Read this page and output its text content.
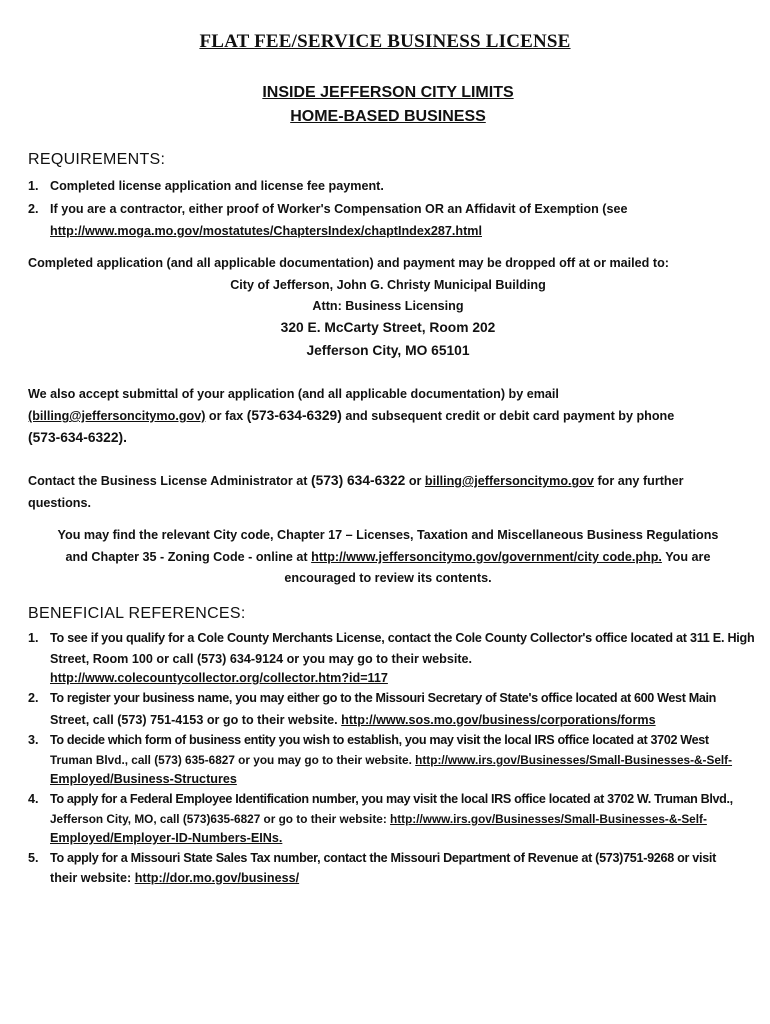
FLAT FEE/SERVICE BUSINESS LICENSE
INSIDE JEFFERSON CITY LIMITS
HOME-BASED BUSINESS
REQUIREMENTS:
1. Completed license application and license fee payment.
2. If you are a contractor, either proof of Worker's Compensation OR an Affidavit of Exemption (see
http://www.moga.mo.gov/mostatutes/ChaptersIndex/chaptIndex287.html
Completed application (and all applicable documentation) and payment may be dropped off at or mailed to:
City of Jefferson, John G. Christy Municipal Building
Attn: Business Licensing
320 E. McCarty Street, Room 202
Jefferson City, MO 65101
We also accept submittal of your application (and all applicable documentation) by email
(billing@jeffersoncitymo.gov) or fax (573-634-6329) and subsequent credit or debit card payment by phone
(573-634-6322).
Contact the Business License Administrator at (573) 634-6322 or billing@jeffersoncitymo.gov for any further
questions.
You may find the relevant City code, Chapter 17 – Licenses, Taxation and Miscellaneous Business Regulations
and Chapter 35 - Zoning Code - online at http://www.jeffersoncitymo.gov/government/city code.php. You are
encouraged to review its contents.
BENEFICIAL REFERENCES:
1. To see if you qualify for a Cole County Merchants License, contact the Cole County Collector's office located at 311 E. High
Street, Room 100 or call (573) 634-9124 or you may go to their website.
http://www.colecountycollector.org/collector.htm?id=117
2. To register your business name, you may either go to the Missouri Secretary of State's office located at 600 West Main
Street, call (573) 751-4153 or go to their website. http://www.sos.mo.gov/business/corporations/forms
3. To decide which form of business entity you wish to establish, you may visit the local IRS office located at 3702 West
Truman Blvd., call (573) 635-6827 or you may go to their website. http://www.irs.gov/Businesses/Small-Businesses-&-Self-
Employed/Business-Structures
4. To apply for a Federal Employee Identification number, you may visit the local IRS office located at 3702 W. Truman Blvd.,
Jefferson City, MO, call (573)635-6827 or go to their website: http://www.irs.gov/Businesses/Small-Businesses-&-Self-
Employed/Employer-ID-Numbers-EINs.
5. To apply for a Missouri State Sales Tax number, contact the Missouri Department of Revenue at (573)751-9268 or visit
their website: http://dor.mo.gov/business/
